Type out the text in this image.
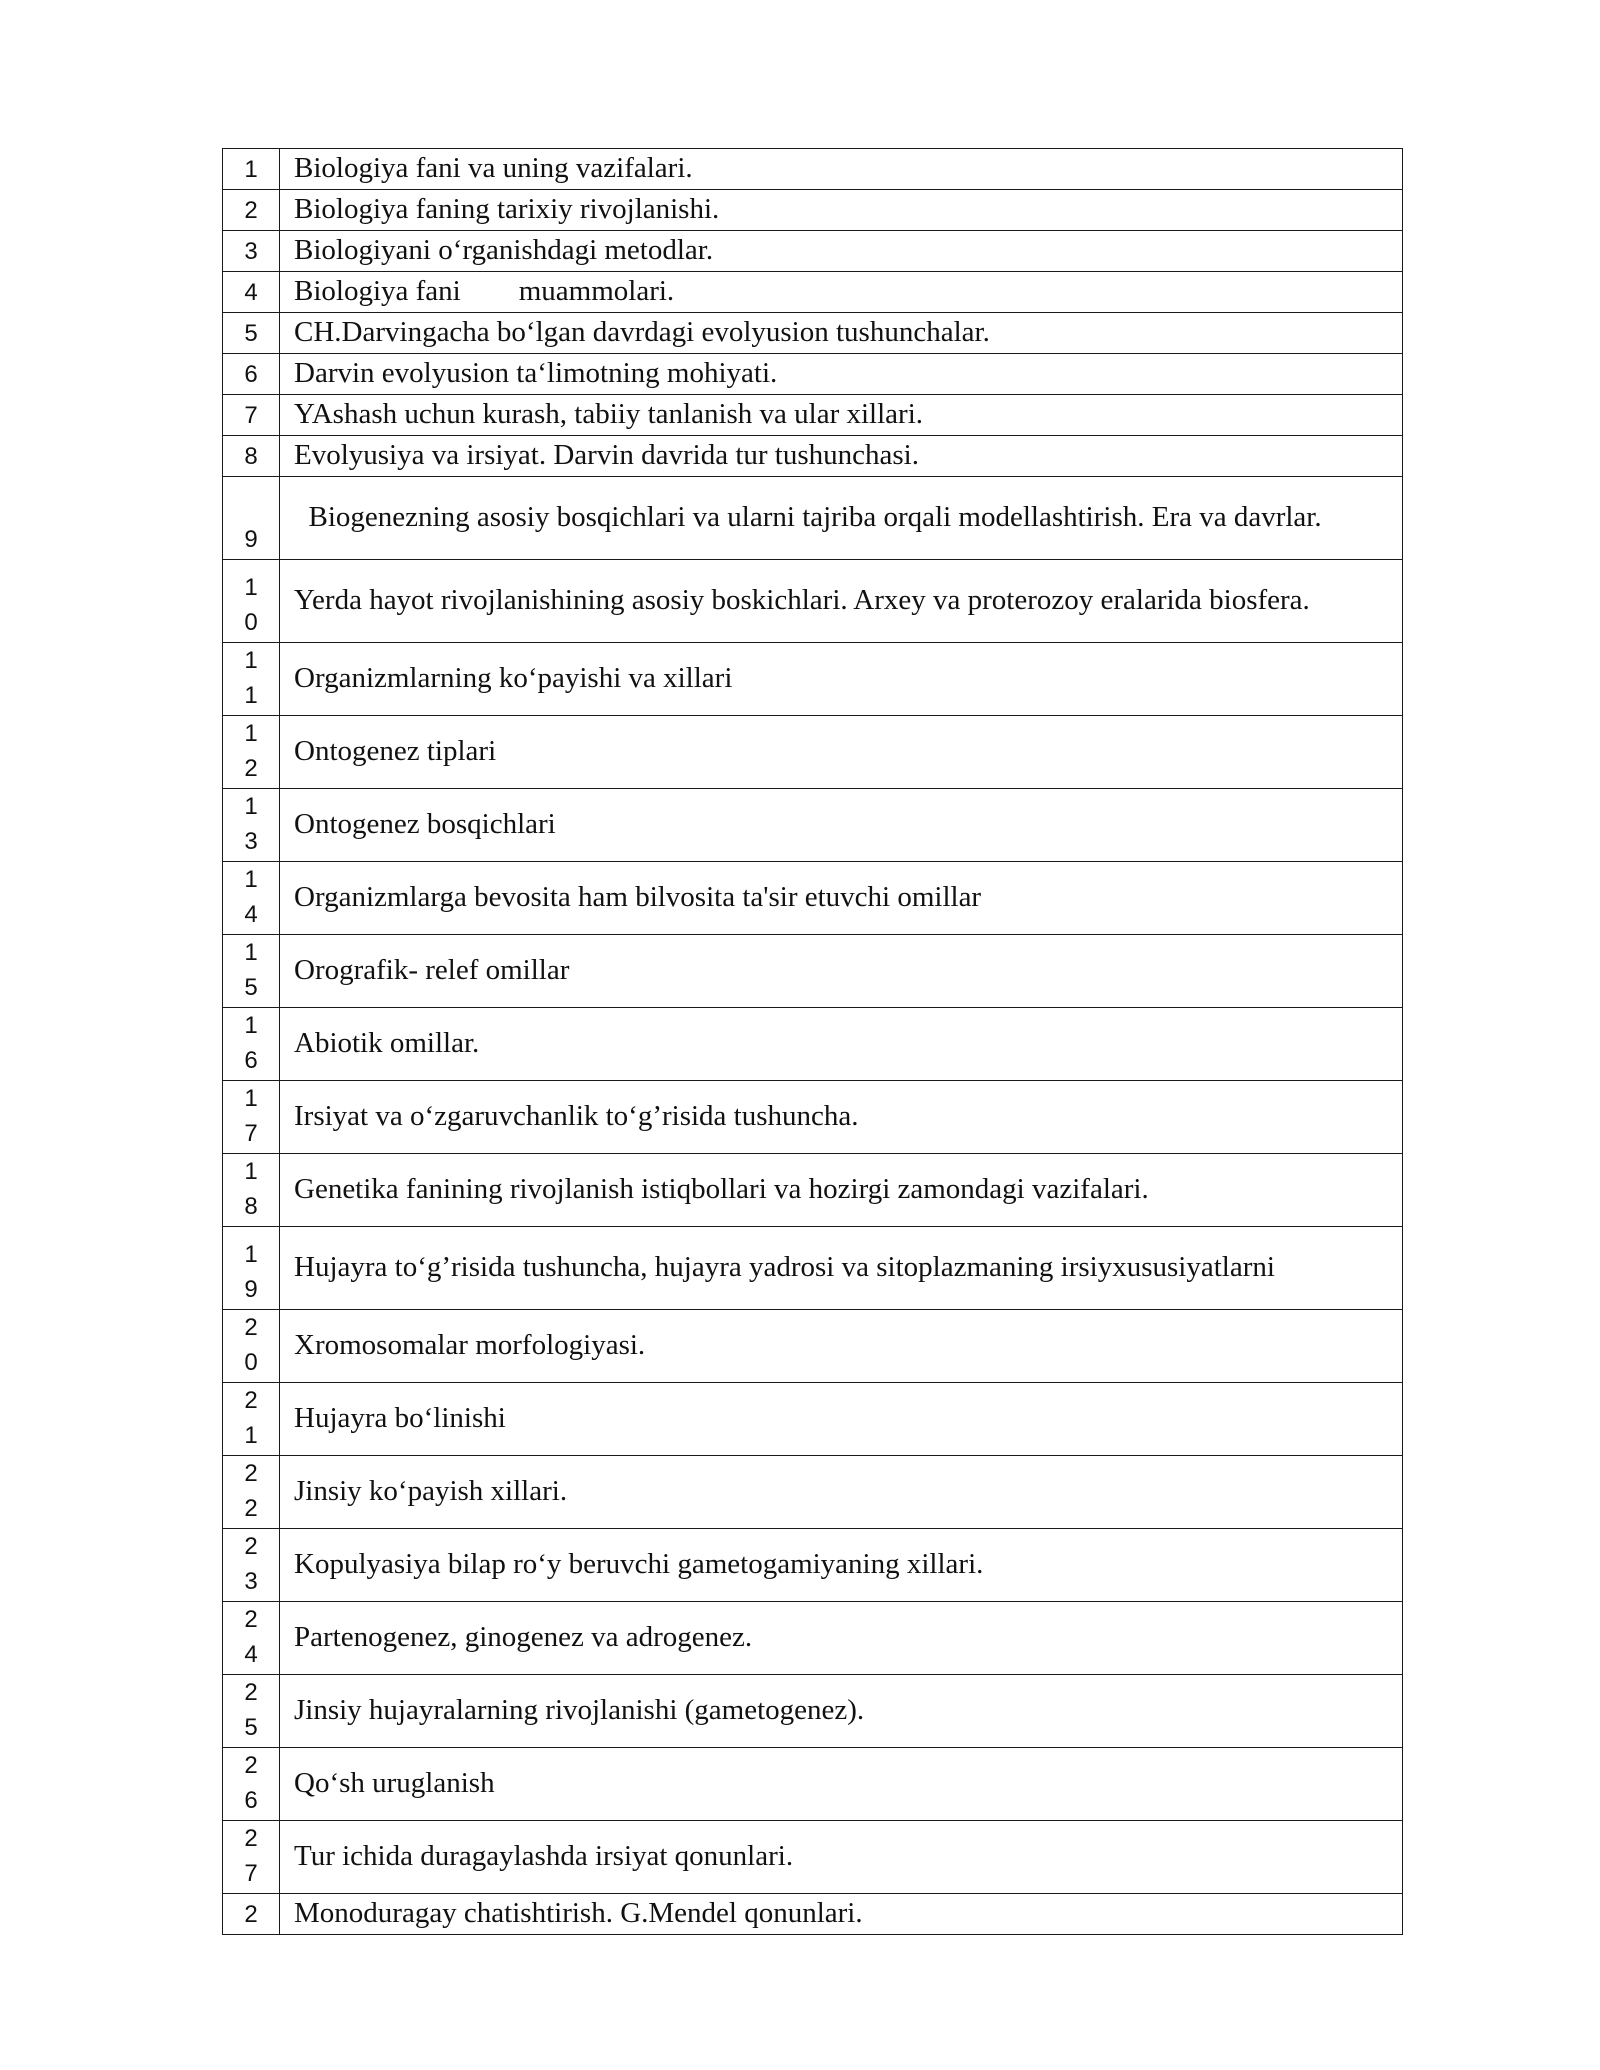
1	Biologiya fani va uning vazifalari.
2	Biologiya faning tarixiy rivojlanishi.
3	Biologiyani o‘rganishdagi metodlar.
4	Biologiya fani        muammolari.
5	CH.Darvingacha bo‘lgan davrdagi evolyusion tushunchalar.
6	Darvin evolyusion ta‘limotning mohiyati.
7	YAshash uchun kurash, tabiiy tanlanish va ular xillari.
8	Evolyusiya va irsiyat. Darvin davrida tur tushunchasi.
9	Biogenezning asosiy bosqichlari va ularni tajriba orqali modellashtirish. Era va davrlar.
10	Yerda hayot rivojlanishining asosiy boskichlari. Arxey va proterozoy eralarida biosfera.
11	Organizmlarning ko‘payishi va xillari
12	Ontogenez tiplari
13	Ontogenez bosqichlari
14	Organizmlarga bevosita ham bilvosita ta'sir etuvchi omillar
15	Orografik- relef omillar
16	Abiotik omillar.
17	Irsiyat va o‘zgaruvchanlik to‘g’risida tushuncha.
18	Genetika fanining rivojlanish istiqbollari va hozirgi zamondagi vazifalari.
19	Hujayra to‘g’risida tushuncha, hujayra yadrosi va sitoplazmaning irsiyxususiyatlarni
20	Xromosomalar morfologiyasi.
21	Hujayra bo‘linishi
22	Jinsiy ko‘payish xillari.
23	Kopulyasiya bilap ro‘y beruvchi gametogamiyaning xillari.
24	Partenogenez, ginogenez va adrogenez.
25	Jinsiy hujayralarning rivojlanishi (gametogenez).
26	Qo‘sh uruglanish
27	Tur ichida duragaylashda irsiyat qonunlari.
2	Monoduragay chatishtirish. G.Mendel qonunlari.
